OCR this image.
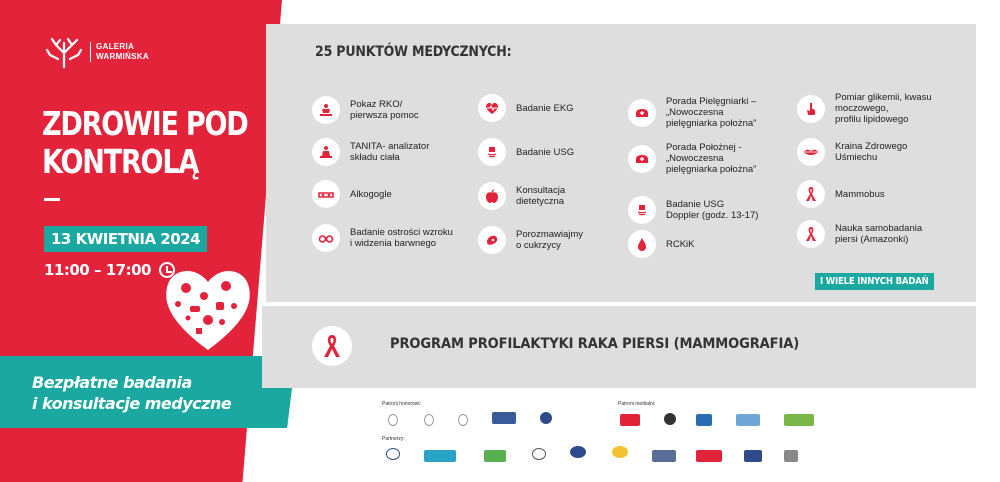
GALERIA
WARMIŃSKA
ZDROWIE POD
KONTROLĄ
13 KWIETNIA 2024
11:00 – 17:00
Bezpłatne badania
i konsultacje medyczne
25 PUNKTÓW MEDYCZNYCH:
Pokaz RKO/
pierwsza pomoc
TANITA- analizator
składu ciała
Alkogogle
Badanie ostrości wzroku
i widzenia barwnego
Badanie EKG
Badanie USG
Konsultacja
dietetyczna
Porozmawiajmy
o cukrzycy
Porada Pielęgniarki –
„Nowoczesna
pielęgniarka położna”
Porada Położnej -
„Nowoczesna
pielęgniarka położna”
Badanie USG
Doppler (godz. 13-17)
RCKiK
Pomiar glikemii, kwasu
moczowego,
profilu lipidowego
Kraina Zdrowego
Uśmiechu
Mammobus
Nauka samobadania
piersi (Amazonki)
I WIELE INNYCH BADAŃ
PROGRAM PROFILAKTYKI RAKA PIERSI (MAMMOGRAFIA)
Patroni honorowi:	Patroni medialni:
Partnerzy:
